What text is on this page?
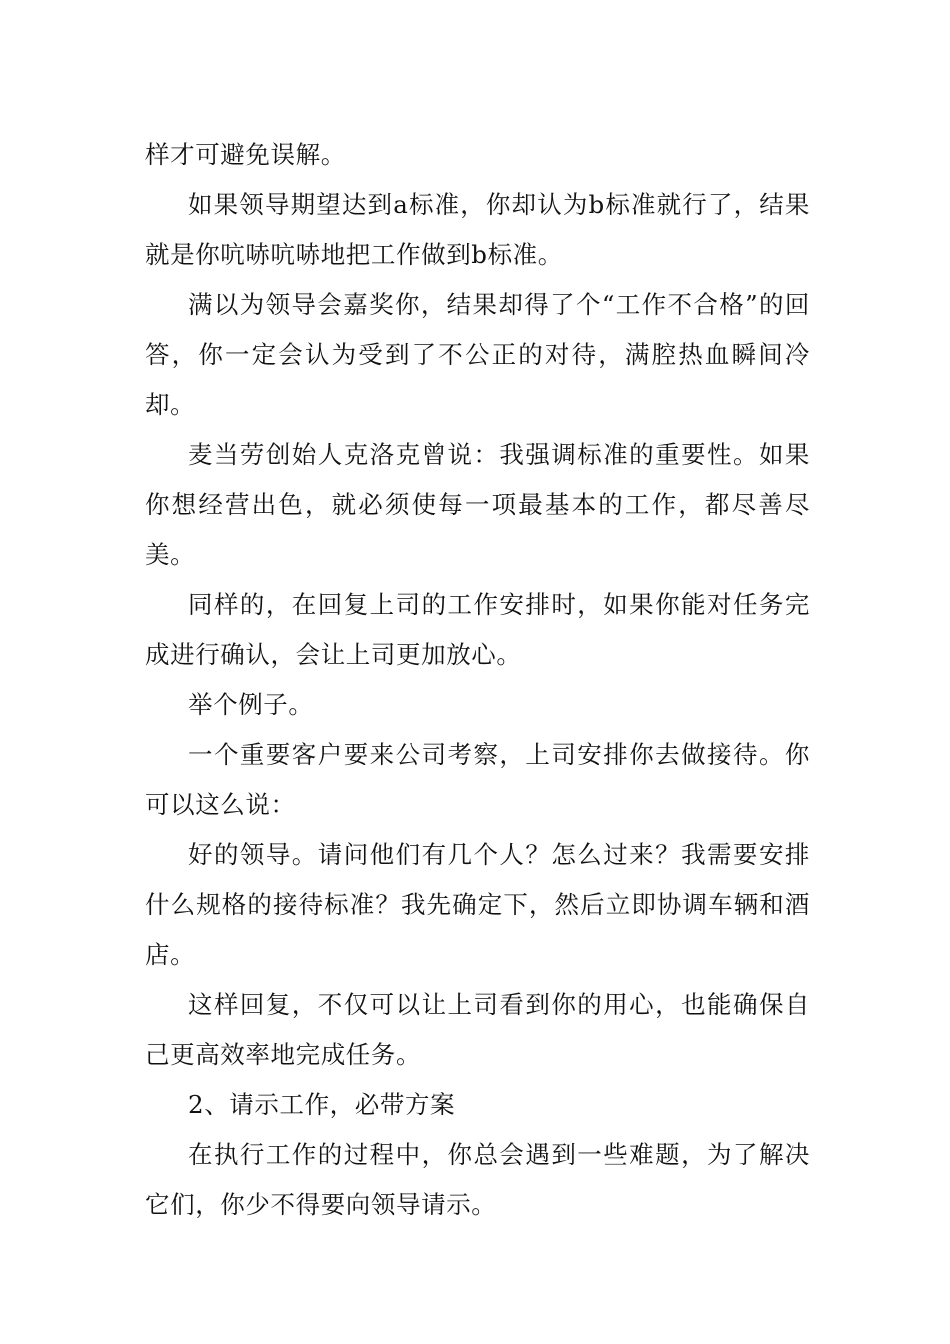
样才可避免误解。

如果领导期望达到a标准，你却认为b标准就行了，结果就是你吭哧吭哧地把工作做到b标准。

满以为领导会嘉奖你，结果却得了个“工作不合格”的回答，你一定会认为受到了不公正的对待，满腔热血瞬间冷却。

麦当劳创始人克洛克曾说：我强调标准的重要性。如果你想经营出色，就必须使每一项最基本的工作，都尽善尽美。

同样的，在回复上司的工作安排时，如果你能对任务完成进行确认，会让上司更加放心。

举个例子。

一个重要客户要来公司考察，上司安排你去做接待。你可以这么说：

好的领导。请问他们有几个人？怎么过来？我需要安排什么规格的接待标准？我先确定下，然后立即协调车辆和酒店。

这样回复，不仅可以让上司看到你的用心，也能确保自己更高效率地完成任务。

2、请示工作，必带方案

在执行工作的过程中，你总会遇到一些难题，为了解决它们，你少不得要向领导请示。
